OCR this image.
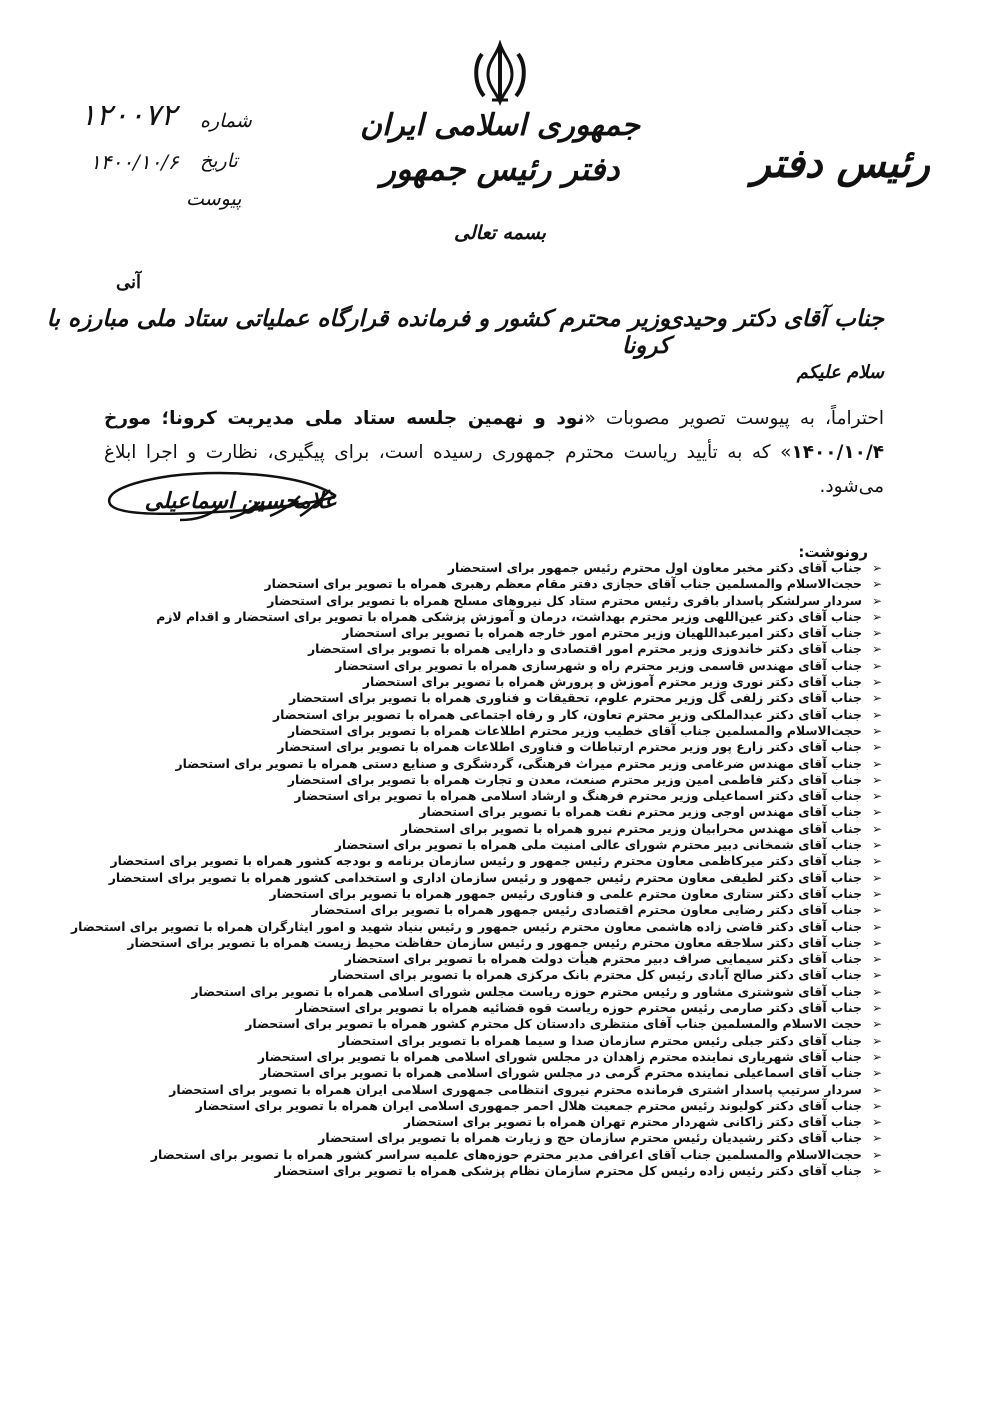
جمهوری اسلامی ایران
دفتر رئیس جمهور
بسمه تعالی
رئیس دفتر
شماره
۱۲۰۰۷۲
تاریخ
۱۴۰۰/۱۰/۶
پیوست
آنی
جناب آقای دکتر وحیدی
وزیر محترم کشور و فرمانده قرارگاه عملیاتی ستاد ملی مبارزه با کرونا
سلام علیکم
احتراماً، به پیوست تصویر مصوبات «نود و نهمین جلسه ستاد ملی مدیریت کرونا؛ مورخ ۱۴۰۰/۱۰/۴» که به تأیید ریاست محترم جمهوری رسیده است، برای پیگیری، نظارت و اجرا ابلاغ می‌شود.
غلامحسین اسماعیلی
رونوشت:
➢جناب آقای دکتر مخبر معاون اول محترم رئیس جمهور برای استحضار
➢حجت‌الاسلام والمسلمین جناب آقای حجازی دفتر مقام معظم رهبری همراه با تصویر برای استحضار
➢سردار سرلشکر پاسدار باقری رئیس محترم ستاد کل نیروهای مسلح همراه با تصویر برای استحضار
➢جناب آقای دکتر عین‌اللهی وزیر محترم بهداشت، درمان و آموزش پزشکی همراه با تصویر برای استحضار و اقدام لازم
➢جناب آقای دکتر امیرعبداللهیان وزیر محترم امور خارجه همراه با تصویر برای استحضار
➢جناب آقای دکتر خاندوزی وزیر محترم امور اقتصادی و دارایی همراه با تصویر برای استحضار
➢جناب آقای مهندس قاسمی وزیر محترم راه و شهرسازی همراه با تصویر برای استحضار
➢جناب آقای دکتر نوری وزیر محترم آموزش و پرورش همراه با تصویر برای استحضار
➢جناب آقای دکتر زلفی گل وزیر محترم علوم، تحقیقات و فناوری همراه با تصویر برای استحضار
➢جناب آقای دکتر عبدالملکی وزیر محترم تعاون، کار و رفاه اجتماعی همراه با تصویر برای استحضار
➢حجت‌الاسلام والمسلمین جناب آقای خطیب وزیر محترم اطلاعات همراه با تصویر برای استحضار
➢جناب آقای دکتر زارع پور وزیر محترم ارتباطات و فناوری اطلاعات همراه با تصویر برای استحضار
➢جناب آقای مهندس ضرغامی وزیر محترم میراث فرهنگی، گردشگری و صنایع دستی همراه با تصویر برای استحضار
➢جناب آقای دکتر فاطمی امین وزیر محترم صنعت، معدن و تجارت همراه با تصویر برای استحضار
➢جناب آقای دکتر اسماعیلی وزیر محترم فرهنگ و ارشاد اسلامی همراه با تصویر برای استحضار
➢جناب آقای مهندس اوجی وزیر محترم نفت همراه با تصویر برای استحضار
➢جناب آقای مهندس محرابیان وزیر محترم نیرو همراه با تصویر برای استحضار
➢جناب آقای شمخانی دبیر محترم شورای عالی امنیت ملی همراه با تصویر برای استحضار
➢جناب آقای دکتر میرکاظمی معاون محترم رئیس جمهور و رئیس سازمان برنامه و بودجه کشور همراه با تصویر برای استحضار
➢جناب آقای دکتر لطیفی معاون محترم رئیس جمهور و رئیس سازمان اداری و استخدامی کشور همراه با تصویر برای استحضار
➢جناب آقای دکتر ستاری معاون محترم علمی و فناوری رئیس جمهور همراه با تصویر برای استحضار
➢جناب آقای دکتر رضایی معاون محترم اقتصادی رئیس جمهور همراه با تصویر برای استحضار
➢جناب آقای دکتر قاضی زاده هاشمی معاون محترم رئیس جمهور و رئیس بنیاد شهید و امور ایثارگران همراه با تصویر برای استحضار
➢جناب آقای دکتر سلاجقه معاون محترم رئیس جمهور و رئیس سازمان حفاظت محیط زیست همراه با تصویر برای استحضار
➢جناب آقای دکتر سیمایی صراف دبیر محترم هیأت دولت همراه با تصویر برای استحضار
➢جناب آقای دکتر صالح آبادی رئیس کل محترم بانک مرکزی همراه با تصویر برای استحضار
➢جناب آقای شوشتری مشاور و رئیس محترم حوزه ریاست مجلس شورای اسلامی همراه با تصویر برای استحضار
➢جناب آقای دکتر صارمی رئیس محترم حوزه ریاست قوه قضائیه همراه با تصویر برای استحضار
➢حجت الاسلام والمسلمین جناب آقای منتظری دادستان کل محترم کشور همراه با تصویر برای استحضار
➢جناب آقای دکتر جبلی رئیس محترم سازمان صدا و سیما همراه با تصویر برای استحضار
➢جناب آقای شهریاری نماینده محترم زاهدان در مجلس شورای اسلامی همراه با تصویر برای استحضار
➢جناب آقای اسماعیلی نماینده محترم گرمی در مجلس شورای اسلامی همراه با تصویر برای استحضار
➢سردار سرتیپ پاسدار اشتری فرمانده محترم نیروی انتظامی جمهوری اسلامی ایران همراه با تصویر برای استحضار
➢جناب آقای دکتر کولیوند رئیس محترم جمعیت هلال احمر جمهوری اسلامی ایران همراه با تصویر برای استحضار
➢جناب آقای دکتر زاکانی شهردار محترم تهران همراه با تصویر برای استحضار
➢جناب آقای دکتر رشیدیان رئیس محترم سازمان حج و زیارت همراه با تصویر برای استحضار
➢حجت‌الاسلام والمسلمین جناب آقای اعرافی مدیر محترم حوزه‌های علمیه سراسر کشور همراه با تصویر برای استحضار
➢جناب آقای دکتر رئیس زاده رئیس کل محترم سازمان نظام پزشکی همراه با تصویر برای استحضار
